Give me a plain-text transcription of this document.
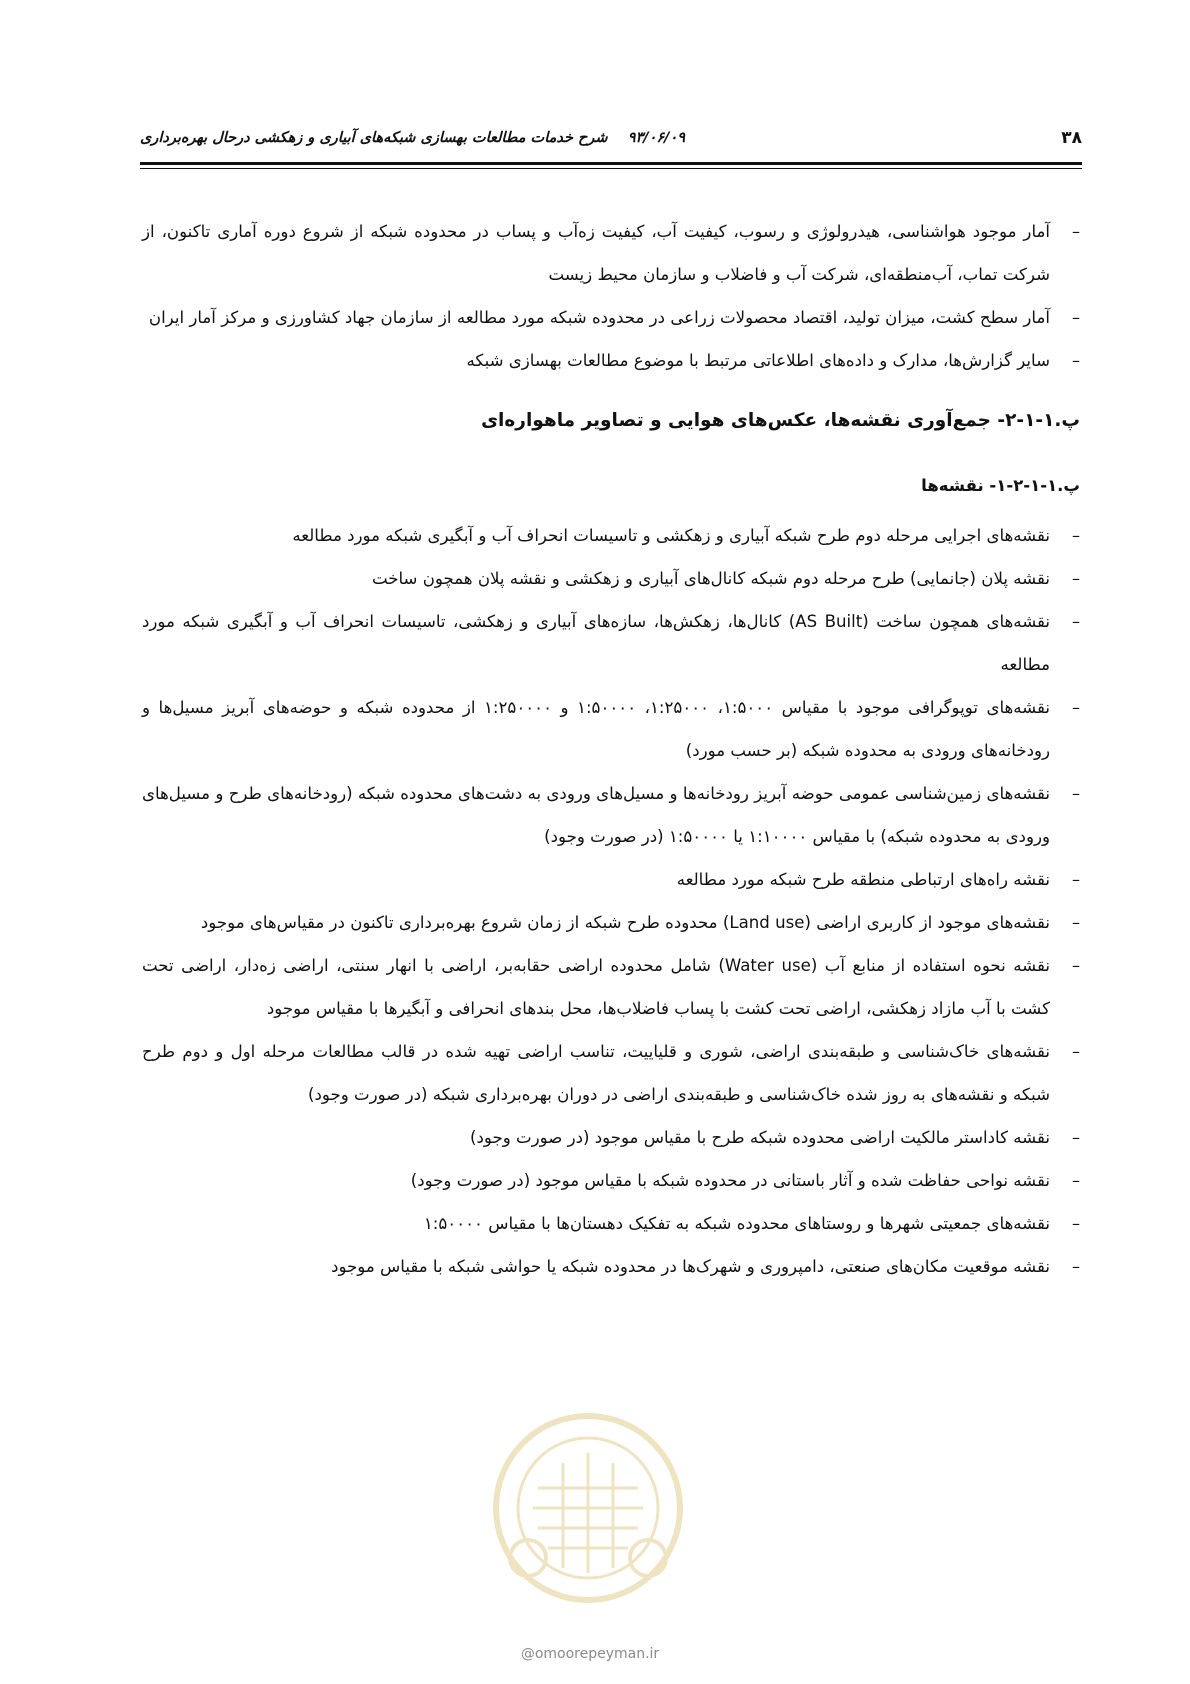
۳۸
۹۳/۰۶/۰۹    شرح خدمات مطالعات بهسازی شبکه‌های آبیاری و زهکشی درحال بهره‌برداری
–
آمار موجود هواشناسی، هیدرولوژی و رسوب، کیفیت آب، کیفیت زه‌آب و پساب در محدوده شبکه از شروع دوره آماری تاکنون، از شرکت تماب، آب‌منطقه‌ای، شرکت آب و فاضلاب و سازمان محیط زیست
–
آمار سطح کشت، میزان تولید، اقتصاد محصولات زراعی در محدوده شبکه مورد مطالعه از سازمان جهاد کشاورزی و مرکز آمار ایران
–
سایر گزارش‌ها، مدارک و داده‌های اطلاعاتی مرتبط با موضوع مطالعات بهسازی شبکه
پ.۱-۱-۲- جمع‌آوری نقشه‌ها، عکس‌های هوایی و تصاویر ماهواره‌ای
پ.۱-۱-۲-۱- نقشه‌ها
–
نقشه‌های اجرایی مرحله دوم طرح شبکه آبیاری و زهکشی و تاسیسات انحراف آب و آبگیری شبکه مورد مطالعه
–
نقشه پلان (جانمایی) طرح مرحله دوم شبکه کانال‌های آبیاری و زهکشی و نقشه پلان همچون ساخت
–
نقشه‌های همچون ساخت (AS Built) کانال‌ها، زهکش‌ها، سازه‌های آبیاری و زهکشی، تاسیسات انحراف آب و آبگیری شبکه مورد مطالعه
–
نقشه‌های توپوگرافی موجود با مقیاس ۱:۵۰۰۰، ۱:۲۵۰۰۰، ۱:۵۰۰۰۰ و ۱:۲۵۰۰۰۰ از محدوده شبکه و حوضه‌های آبریز مسیل‌ها و رودخانه‌های ورودی به محدوده شبکه (بر حسب مورد)
–
نقشه‌های زمین‌شناسی عمومی حوضه آبریز رودخانه‌ها و مسیل‌های ورودی به دشت‌های محدوده شبکه (رودخانه‌های طرح و مسیل‌های ورودی به محدوده شبکه) با مقیاس ۱:۱۰۰۰۰ یا ۱:۵۰۰۰۰ (در صورت وجود)
–
نقشه راه‌های ارتباطی منطقه طرح شبکه مورد مطالعه
–
نقشه‌های موجود از کاربری اراضی (Land use) محدوده طرح شبکه از زمان شروع بهره‌برداری تاکنون در مقیاس‌های موجود
–
نقشه نحوه استفاده از منابع آب (Water use) شامل محدوده اراضی حقابه‌بر، اراضی با انهار سنتی، اراضی زه‌دار، اراضی تحت کشت با آب مازاد زهکشی، اراضی تحت کشت با پساب فاضلاب‌ها، محل بندهای انحرافی و آبگیرها با مقیاس موجود
–
نقشه‌های خاک‌شناسی و طبقه‌بندی اراضی، شوری و قلیاییت، تناسب اراضی تهیه شده در قالب مطالعات مرحله اول و دوم طرح شبکه و نقشه‌های به روز شده خاک‌شناسی و طبقه‌بندی اراضی در دوران بهره‌برداری شبکه (در صورت وجود)
–
نقشه کاداستر مالکیت اراضی محدوده شبکه طرح با مقیاس موجود (در صورت وجود)
–
نقشه نواحی حفاظت شده و آثار باستانی در محدوده شبکه با مقیاس موجود (در صورت وجود)
–
نقشه‌های جمعیتی شهرها و روستاهای محدوده شبکه به تفکیک دهستان‌ها با مقیاس ۱:۵۰۰۰۰
–
نقشه موقعیت مکان‌های صنعتی، دامپروری و شهرک‌ها در محدوده شبکه یا حواشی شبکه با مقیاس موجود
@omoorepeyman.ir
